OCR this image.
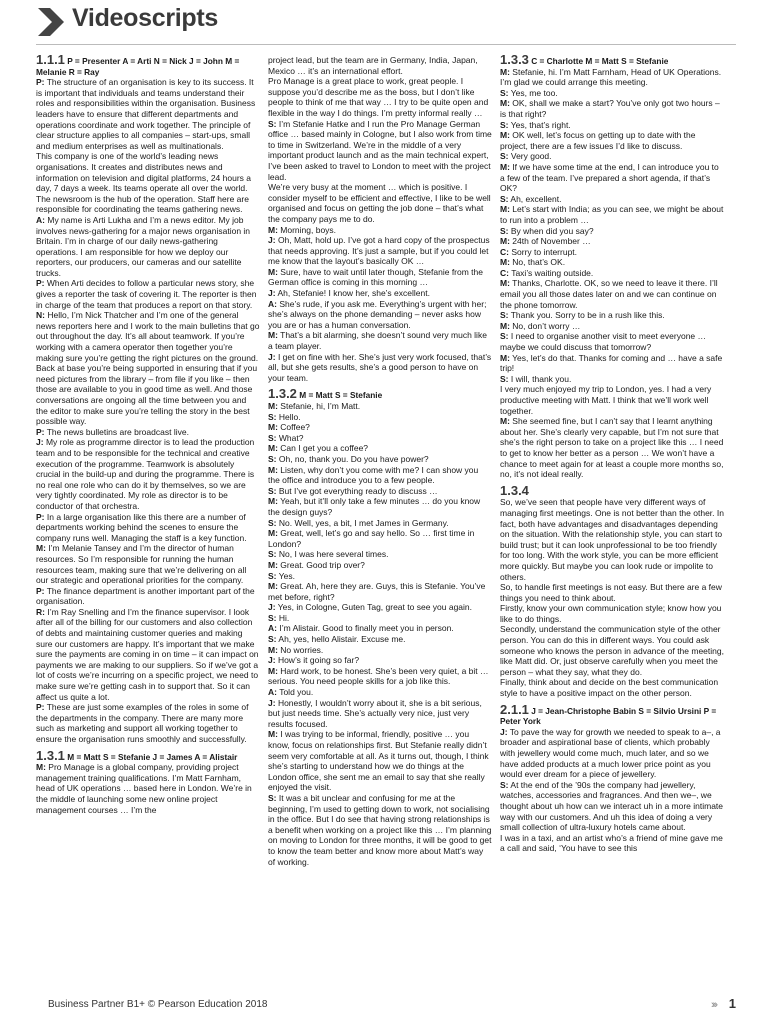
Videoscripts
1.1.1 P = Presenter A = Arti N = Nick J = John M = Melanie R = Ray
P: The structure of an organisation is key to its success. It is important that individuals and teams understand their roles and responsibilities within the organisation. Business leaders have to ensure that different departments and operations coordinate and work together. The principle of clear structure applies to all companies – start-ups, small and medium enterprises as well as multinationals.
This company is one of the world’s leading news organisations. It creates and distributes news and information on television and digital platforms, 24 hours a day, 7 days a week. Its teams operate all over the world.
The newsroom is the hub of the operation. Staff here are responsible for coordinating the teams gathering news.
A: My name is Arti Lukha and I’m a news editor. My job involves news-gathering for a major news organisation in Britain. I’m in charge of our daily news-gathering operations. I am responsible for how we deploy our reporters, our producers, our cameras and our satellite trucks.
P: When Arti decides to follow a particular news story, she gives a reporter the task of covering it. The reporter is then in charge of the team that produces a report on that story.
N: Hello, I’m Nick Thatcher and I’m one of the general news reporters here and I work to the main bulletins that go out throughout the day. It’s all about teamwork. If you’re working with a camera operator then together you’re making sure you’re getting the right pictures on the ground. Back at base you’re being supported in ensuring that if you need pictures from the library – from file if you like – then those are available to you in good time as well. And those conversations are ongoing all the time between you and the editor to make sure you’re telling the story in the best possible way.
P: The news bulletins are broadcast live.
J: My role as programme director is to lead the production team and to be responsible for the technical and creative execution of the programme. Teamwork is absolutely crucial in the build-up and during the programme. There is no real one role who can do it by themselves, so we are very tightly coordinated. My role as director is to be conductor of that orchestra.
P: In a large organisation like this there are a number of departments working behind the scenes to ensure the company runs well. Managing the staff is a key function.
M: I’m Melanie Tansey and I’m the director of human resources. So I’m responsible for running the human resources team, making sure that we’re delivering on all our strategic and operational priorities for the company.
P: The finance department is another important part of the organisation.
R: I’m Ray Snelling and I’m the finance supervisor. I look after all of the billing for our customers and also collection of debts and maintaining customer queries and making sure our customers are happy. It’s important that we make sure the payments are coming in on time – it can impact on payments we are making to our suppliers. So if we’ve got a lot of costs we’re incurring on a specific project, we need to make sure we’re getting cash in to support that. So it can affect us quite a lot.
P: These are just some examples of the roles in some of the departments in the company. There are many more such as marketing and support all working together to ensure the organisation runs smoothly and successfully.
1.3.1 M = Matt S = Stefanie J = James A = Alistair
M: Pro Manage is a global company, providing project management training qualifications. I’m Matt Farnham, head of UK operations … based here in London. We’re in the middle of launching some new online project management courses … I’m the
project lead, but the team are in Germany, India, Japan, Mexico … it’s an international effort.
Pro Manage is a great place to work, great people. I suppose you’d describe me as the boss, but I don’t like people to think of me that way … I try to be quite open and flexible in the way I do things. I’m pretty informal really …
S: I’m Stefanie Hatke and I run the Pro Manage German office … based mainly in Cologne, but I also work from time to time in Switzerland. We’re in the middle of a very important product launch and as the main technical expert, I’ve been asked to travel to London to meet with the project lead.
We’re very busy at the moment … which is positive. I consider myself to be efficient and effective, I like to be well organised and focus on getting the job done – that’s what the company pays me to do.
M: Morning, boys.
J: Oh, Matt, hold up. I’ve got a hard copy of the prospectus that needs approving. It’s just a sample, but if you could let me know that the layout’s basically OK …
M: Sure, have to wait until later though, Stefanie from the German office is coming in this morning …
J: Ah, Stefanie! I know her, she’s excellent.
A: She’s rude, if you ask me. Everything’s urgent with her; she’s always on the phone demanding – never asks how you are or has a human conversation.
M: That’s a bit alarming, she doesn’t sound very much like a team player.
J: I get on fine with her. She’s just very work focused, that’s all, but she gets results, she’s a good person to have on your team.
1.3.2 M = Matt S = Stefanie
M: Stefanie, hi, I’m Matt.
S: Hello.
M: Coffee?
S: What?
M: Can I get you a coffee?
S: Oh, no, thank you. Do you have power?
M: Listen, why don’t you come with me? I can show you the office and introduce you to a few people.
S: But I’ve got everything ready to discuss …
M: Yeah, but it’ll only take a few minutes … do you know the design guys?
S: No. Well, yes, a bit, I met James in Germany.
M: Great, well, let’s go and say hello. So … first time in London?
S: No, I was here several times.
M: Great. Good trip over?
S: Yes.
M: Great. Ah, here they are. Guys, this is Stefanie. You’ve met before, right?
J: Yes, in Cologne, Guten Tag, great to see you again.
S: Hi.
A: I’m Alistair. Good to finally meet you in person.
S: Ah, yes, hello Alistair. Excuse me.
M: No worries.
J: How’s it going so far?
M: Hard work, to be honest. She’s been very quiet, a bit … serious. You need people skills for a job like this.
A: Told you.
J: Honestly, I wouldn’t worry about it, she is a bit serious, but just needs time. She’s actually very nice, just very results focused.
M: I was trying to be informal, friendly, positive … you know, focus on relationships first. But Stefanie really didn’t seem very comfortable at all. As it turns out, though, I think she’s starting to understand how we do things at the London office, she sent me an email to say that she really enjoyed the visit.
S: It was a bit unclear and confusing for me at the beginning, I’m used to getting down to work, not socialising in the office. But I do see that having strong relationships is a benefit when working on a project like this … I’m planning on moving to London for three months, it will be good to get to know the team better and know more about Matt’s way of working.
1.3.3 C = Charlotte M = Matt S = Stefanie
M: Stefanie, hi. I’m Matt Farnham, Head of UK Operations. I’m glad we could arrange this meeting.
S: Yes, me too.
M: OK, shall we make a start? You’ve only got two hours – is that right?
S: Yes, that’s right.
M: OK well, let’s focus on getting up to date with the project, there are a few issues I’d like to discuss.
S: Very good.
M: If we have some time at the end, I can introduce you to a few of the team. I’ve prepared a short agenda, if that’s OK?
S: Ah, excellent.
M: Let’s start with India; as you can see, we might be about to run into a problem …
S: By when did you say?
M: 24th of November …
C: Sorry to interrupt.
M: No, that’s OK.
C: Taxi’s waiting outside.
M: Thanks, Charlotte. OK, so we need to leave it there. I’ll email you all those dates later on and we can continue on the phone tomorrow.
S: Thank you. Sorry to be in a rush like this.
M: No, don’t worry …
S: I need to organise another visit to meet everyone … maybe we could discuss that tomorrow?
M: Yes, let’s do that. Thanks for coming and … have a safe trip!
S: I will, thank you.
I very much enjoyed my trip to London, yes. I had a very productive meeting with Matt. I think that we’ll work well together.
M: She seemed fine, but I can’t say that I learnt anything about her. She’s clearly very capable, but I’m not sure that she’s the right person to take on a project like this … I need to get to know her better as a person … We won’t have a chance to meet again for at least a couple more months so, no, it’s not ideal really.
1.3.4
So, we’ve seen that people have very different ways of managing first meetings. One is not better than the other. In fact, both have advantages and disadvantages depending on the situation. With the relationship style, you can start to build trust; but it can look unprofessional to be too friendly for too long. With the work style, you can be more efficient more quickly. But maybe you can look rude or impolite to others.
So, to handle first meetings is not easy. But there are a few things you need to think about.
Firstly, know your own communication style; know how you like to do things.
Secondly, understand the communication style of the other person. You can do this in different ways. You could ask someone who knows the person in advance of the meeting, like Matt did. Or, just observe carefully when you meet the person – what they say, what they do.
Finally, think about and decide on the best communication style to have a positive impact on the other person.
2.1.1 J = Jean-Christophe Babin S = Silvio Ursini P = Peter York
J: To pave the way for growth we needed to speak to a–, a broader and aspirational base of clients, which probably with jewellery would come much, much later, and so we have added products at a much lower price point as you would ever dream for a piece of jewellery.
S: At the end of the ’90s the company had jewellery, watches, accessories and fragrances. And then we–, we thought about uh how can we interact uh in a more intimate way with our customers. And uh this idea of doing a very small collection of ultra-luxury hotels came about.
I was in a taxi, and an artist who’s a friend of mine gave me a call and said, ‘You have to see this
Business Partner B1+ © Pearson Education 2018	››› 1
